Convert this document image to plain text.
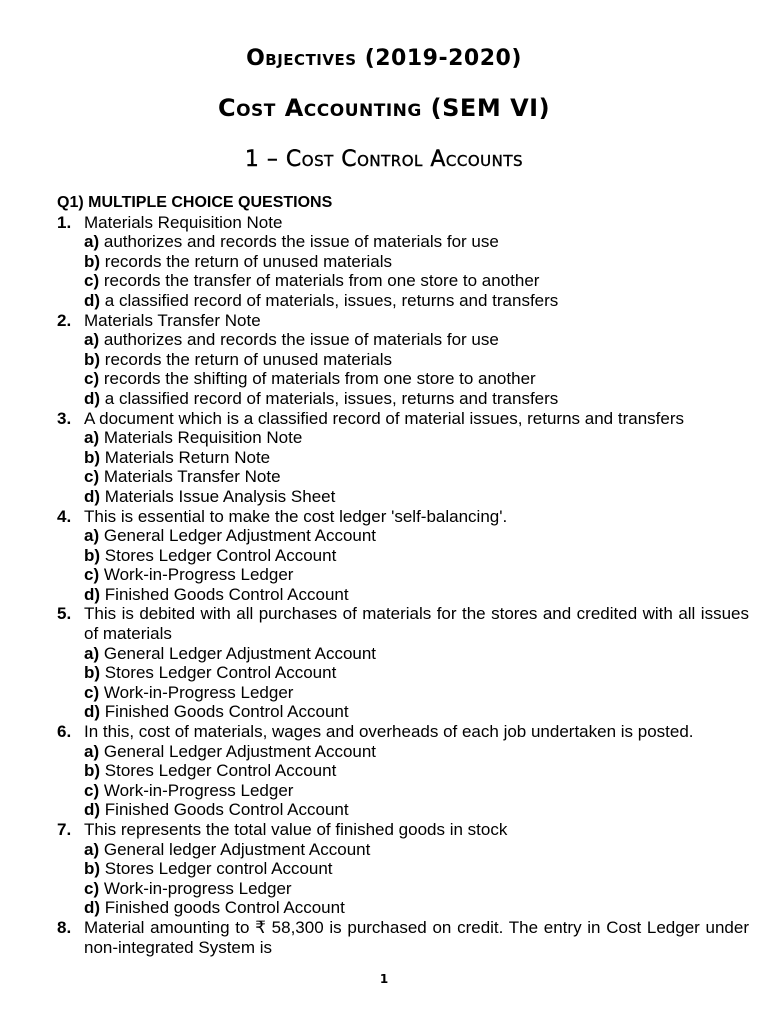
Objectives (2019-2020)
Cost Accounting (SEM VI)
1 – Cost Control Accounts
Q1) MULTIPLE CHOICE QUESTIONS
1. Materials Requisition Note
a) authorizes and records the issue of materials for use
b) records the return of unused materials
c) records the transfer of materials from one store to another
d) a classified record of materials, issues, returns and transfers
2. Materials Transfer Note
a) authorizes and records the issue of materials for use
b) records the return of unused materials
c) records the shifting of materials from one store to another
d) a classified record of materials, issues, returns and transfers
3. A document which is a classified record of material issues, returns and transfers
a) Materials Requisition Note
b) Materials Return Note
c) Materials Transfer Note
d) Materials Issue Analysis Sheet
4. This is essential to make the cost ledger 'self-balancing'.
a) General Ledger Adjustment Account
b) Stores Ledger Control Account
c) Work-in-Progress Ledger
d) Finished Goods Control Account
5. This is debited with all purchases of materials for the stores and credited with all issues of materials
a) General Ledger Adjustment Account
b) Stores Ledger Control Account
c) Work-in-Progress Ledger
d) Finished Goods Control Account
6. In this, cost of materials, wages and overheads of each job undertaken is posted.
a) General Ledger Adjustment Account
b) Stores Ledger Control Account
c) Work-in-Progress Ledger
d) Finished Goods Control Account
7. This represents the total value of finished goods in stock
a) General ledger Adjustment Account
b) Stores Ledger control Account
c) Work-in-progress Ledger
d) Finished goods Control Account
8. Material amounting to ₹ 58,300 is purchased on credit. The entry in Cost Ledger under non-integrated System is
1
